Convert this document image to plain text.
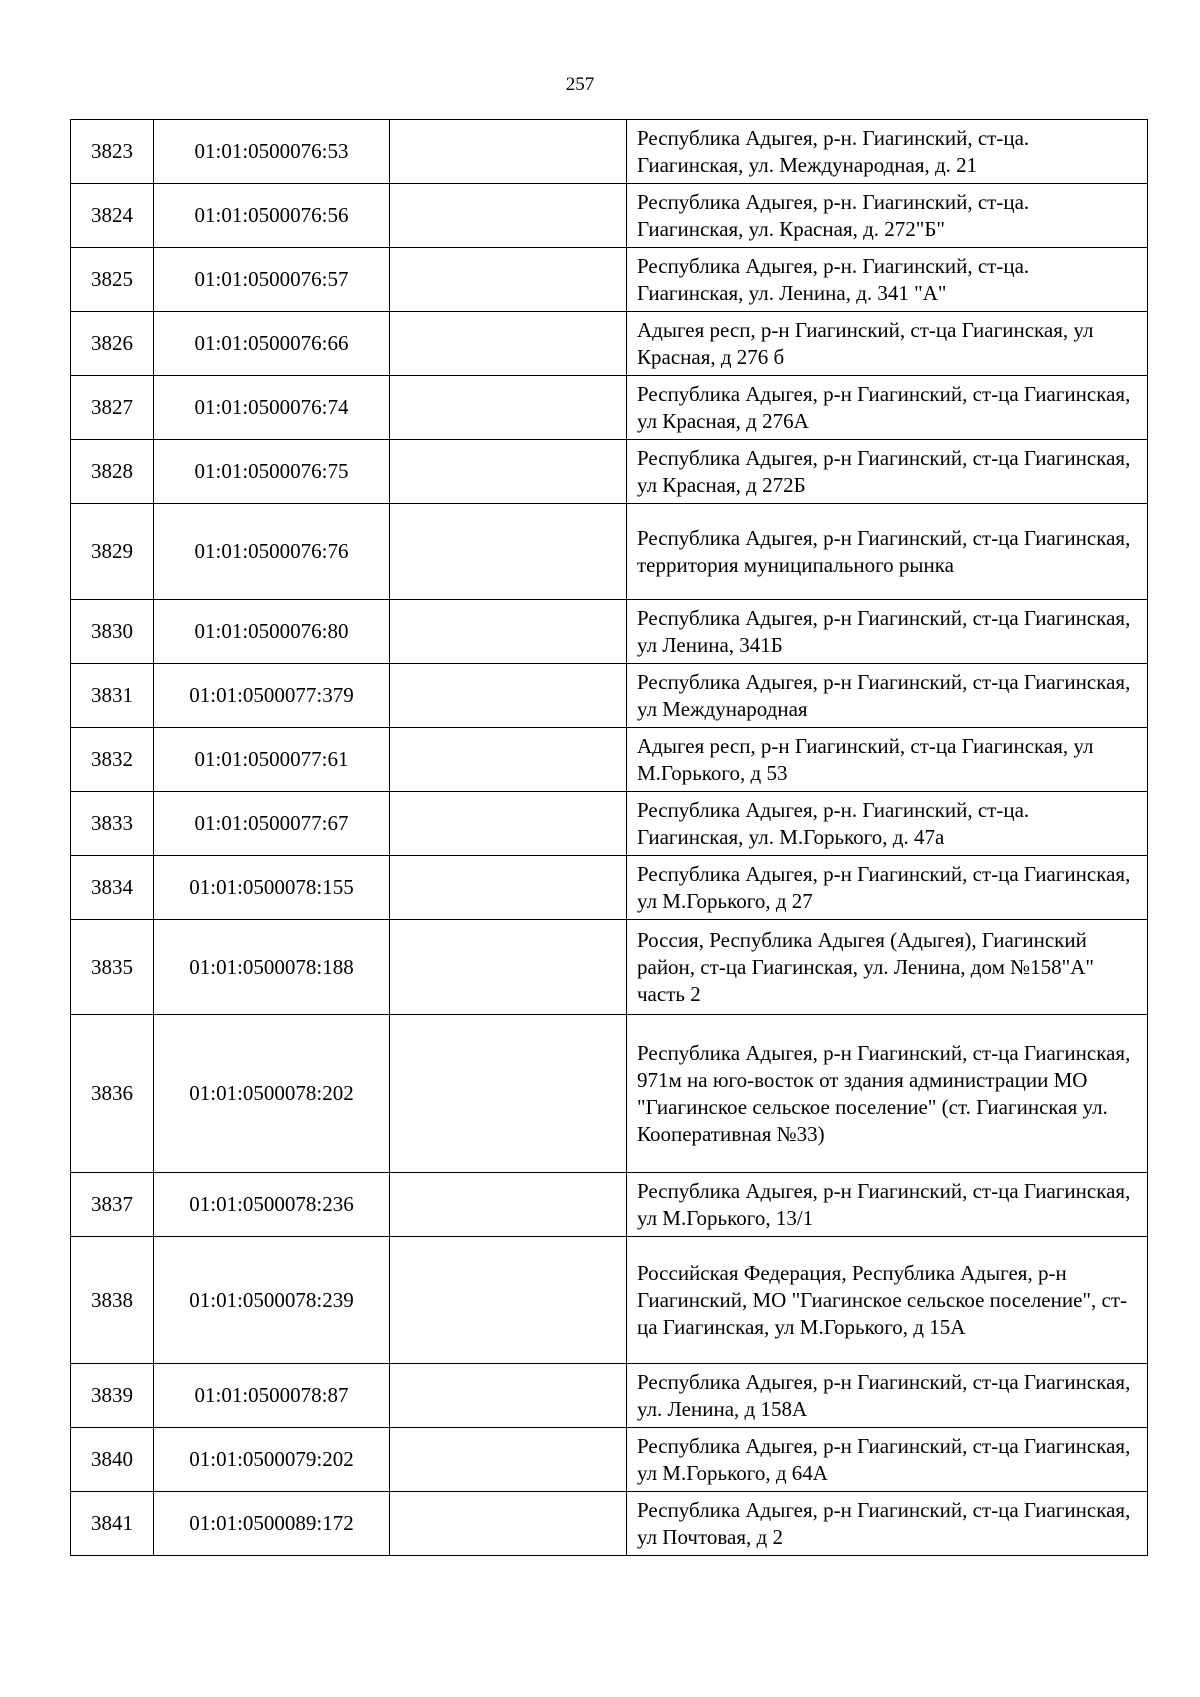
257
3823	01:01:0500076:53		Республика Адыгея, р-н. Гиагинский, ст-ца. Гиагинская, ул. Международная, д. 21
3824	01:01:0500076:56		Республика Адыгея, р-н. Гиагинский, ст-ца. Гиагинская, ул. Красная, д. 272"Б"
3825	01:01:0500076:57		Республика Адыгея, р-н. Гиагинский, ст-ца. Гиагинская, ул. Ленина, д. 341 "А"
3826	01:01:0500076:66		Адыгея респ, р-н Гиагинский, ст-ца Гиагинская, ул Красная, д 276 б
3827	01:01:0500076:74		Республика Адыгея, р-н Гиагинский, ст-ца Гиагинская, ул Красная, д 276А
3828	01:01:0500076:75		Республика Адыгея, р-н Гиагинский, ст-ца Гиагинская, ул Красная, д 272Б
3829	01:01:0500076:76		Республика Адыгея, р-н Гиагинский, ст-ца Гиагинская, территория муниципального рынка
3830	01:01:0500076:80		Республика Адыгея, р-н Гиагинский, ст-ца Гиагинская, ул Ленина, 341Б
3831	01:01:0500077:379		Республика Адыгея, р-н Гиагинский, ст-ца Гиагинская, ул Международная
3832	01:01:0500077:61		Адыгея респ, р-н Гиагинский, ст-ца Гиагинская, ул М.Горького, д 53
3833	01:01:0500077:67		Республика Адыгея, р-н. Гиагинский, ст-ца. Гиагинская, ул. М.Горького, д. 47а
3834	01:01:0500078:155		Республика Адыгея, р-н Гиагинский, ст-ца Гиагинская, ул М.Горького, д 27
3835	01:01:0500078:188		Россия, Республика Адыгея (Адыгея), Гиагинский район, ст-ца Гиагинская, ул. Ленина, дом №158"А" часть 2
3836	01:01:0500078:202		Республика Адыгея, р-н Гиагинский, ст-ца Гиагинская, 971м на юго-восток от здания администрации МО "Гиагинское сельское поселение" (ст. Гиагинская ул. Кооперативная №33)
3837	01:01:0500078:236		Республика Адыгея, р-н Гиагинский, ст-ца Гиагинская, ул М.Горького, 13/1
3838	01:01:0500078:239		Российская Федерация, Республика Адыгея, р-н Гиагинский, МО "Гиагинское сельское поселение", ст-ца Гиагинская, ул М.Горького, д 15А
3839	01:01:0500078:87		Республика Адыгея, р-н Гиагинский, ст-ца Гиагинская, ул. Ленина, д 158А
3840	01:01:0500079:202		Республика Адыгея, р-н Гиагинский, ст-ца Гиагинская, ул М.Горького, д 64А
3841	01:01:0500089:172		Республика Адыгея, р-н Гиагинский, ст-ца Гиагинская, ул Почтовая, д 2
